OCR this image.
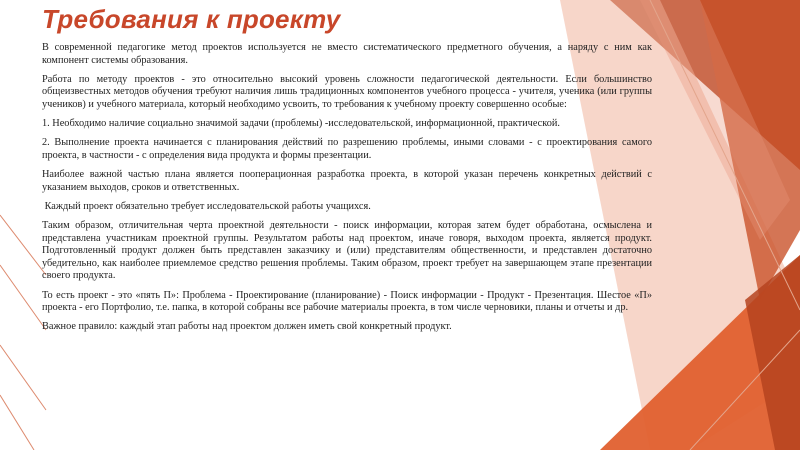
Требования к проекту

В современной педагогике метод проектов используется не вместо систематического предметного обучения, а наряду с ним как компонент системы образования.

Работа по методу проектов - это относительно высокий уровень сложности педагогической деятельности. Если большинство общеизвестных методов обучения требуют наличия лишь традиционных компонентов учебного процесса - учителя, ученика (или группы учеников) и учебного материала, который необходимо усвоить, то требования к учебному проекту совершенно особые:

1. Необходимо наличие социально значимой задачи (проблемы) -исследовательской, информационной, практической.

2. Выполнение проекта начинается с планирования действий по разрешению проблемы, иными словами - с проектирования самого проекта, в частности - с определения вида продукта и формы презентации.

Наиболее важной частью плана является пооперационная разработка проекта, в которой указан перечень конкретных действий с указанием выходов, сроков и ответственных.

Каждый проект обязательно требует исследовательской работы учащихся.

Таким образом, отличительная черта проектной деятельности - поиск информации, которая затем будет обработана, осмыслена и представлена участникам проектной группы. Результатом работы над проектом, иначе говоря, выходом проекта, является продукт. Подготовленный продукт должен быть представлен заказчику и (или) представителям общественности, и представлен достаточно убедительно, как наиболее приемлемое средство решения проблемы. Таким образом, проект требует на завершающем этапе презентации своего продукта.

То есть проект - это «пять П»: Проблема - Проектирование (планирование) - Поиск информации - Продукт - Презентация. Шестое «П» проекта - его Портфолио, т.е. папка, в которой собраны все рабочие материалы проекта, в том числе черновики, планы и отчеты и др.

Важное правило: каждый этап работы над проектом должен иметь свой конкретный продукт.
